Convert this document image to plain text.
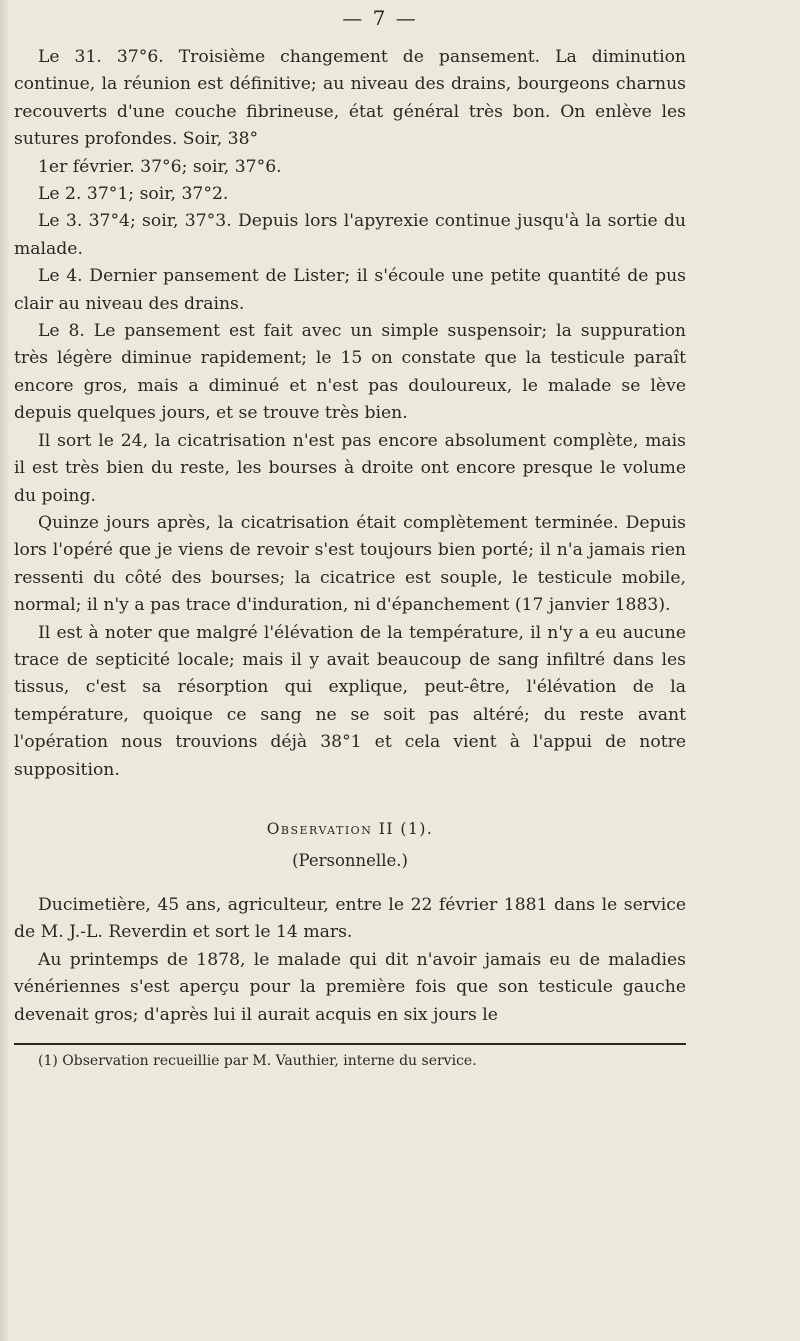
— 7 —

Le 31. 37°6. Troisième changement de pansement. La diminution continue, la réunion est définitive; au niveau des drains, bourgeons charnus recouverts d'une couche fibrineuse, état général très bon. On enlève les sutures profondes. Soir, 38°

1er février. 37°6; soir, 37°6.

Le 2. 37°1; soir, 37°2.

Le 3. 37°4; soir, 37°3. Depuis lors l'apyrexie continue jusqu'à la sortie du malade.

Le 4. Dernier pansement de Lister; il s'écoule une petite quantité de pus clair au niveau des drains.

Le 8. Le pansement est fait avec un simple suspensoir; la suppuration très légère diminue rapidement; le 15 on constate que la testicule paraît encore gros, mais a diminué et n'est pas douloureux, le malade se lève depuis quelques jours, et se trouve très bien.

Il sort le 24, la cicatrisation n'est pas encore absolument complète, mais il est très bien du reste, les bourses à droite ont encore presque le volume du poing.

Quinze jours après, la cicatrisation était complètement terminée. Depuis lors l'opéré que je viens de revoir s'est toujours bien porté; il n'a jamais rien ressenti du côté des bourses; la cicatrice est souple, le testicule mobile, normal; il n'y a pas trace d'induration, ni d'épanchement (17 janvier 1883).

Il est à noter que malgré l'élévation de la température, il n'y a eu aucune trace de septicité locale; mais il y avait beaucoup de sang infiltré dans les tissus, c'est sa résorption qui explique, peut-être, l'élévation de la température, quoique ce sang ne se soit pas altéré; du reste avant l'opération nous trouvions déjà 38°1 et cela vient à l'appui de notre supposition.

Observation II (1).
(Personnelle.)

Ducimetière, 45 ans, agriculteur, entre le 22 février 1881 dans le service de M. J.-L. Reverdin et sort le 14 mars.

Au printemps de 1878, le malade qui dit n'avoir jamais eu de maladies vénériennes s'est aperçu pour la première fois que son testicule gauche devenait gros; d'après lui il aurait acquis en six jours le

(1) Observation recueillie par M. Vauthier, interne du service.
